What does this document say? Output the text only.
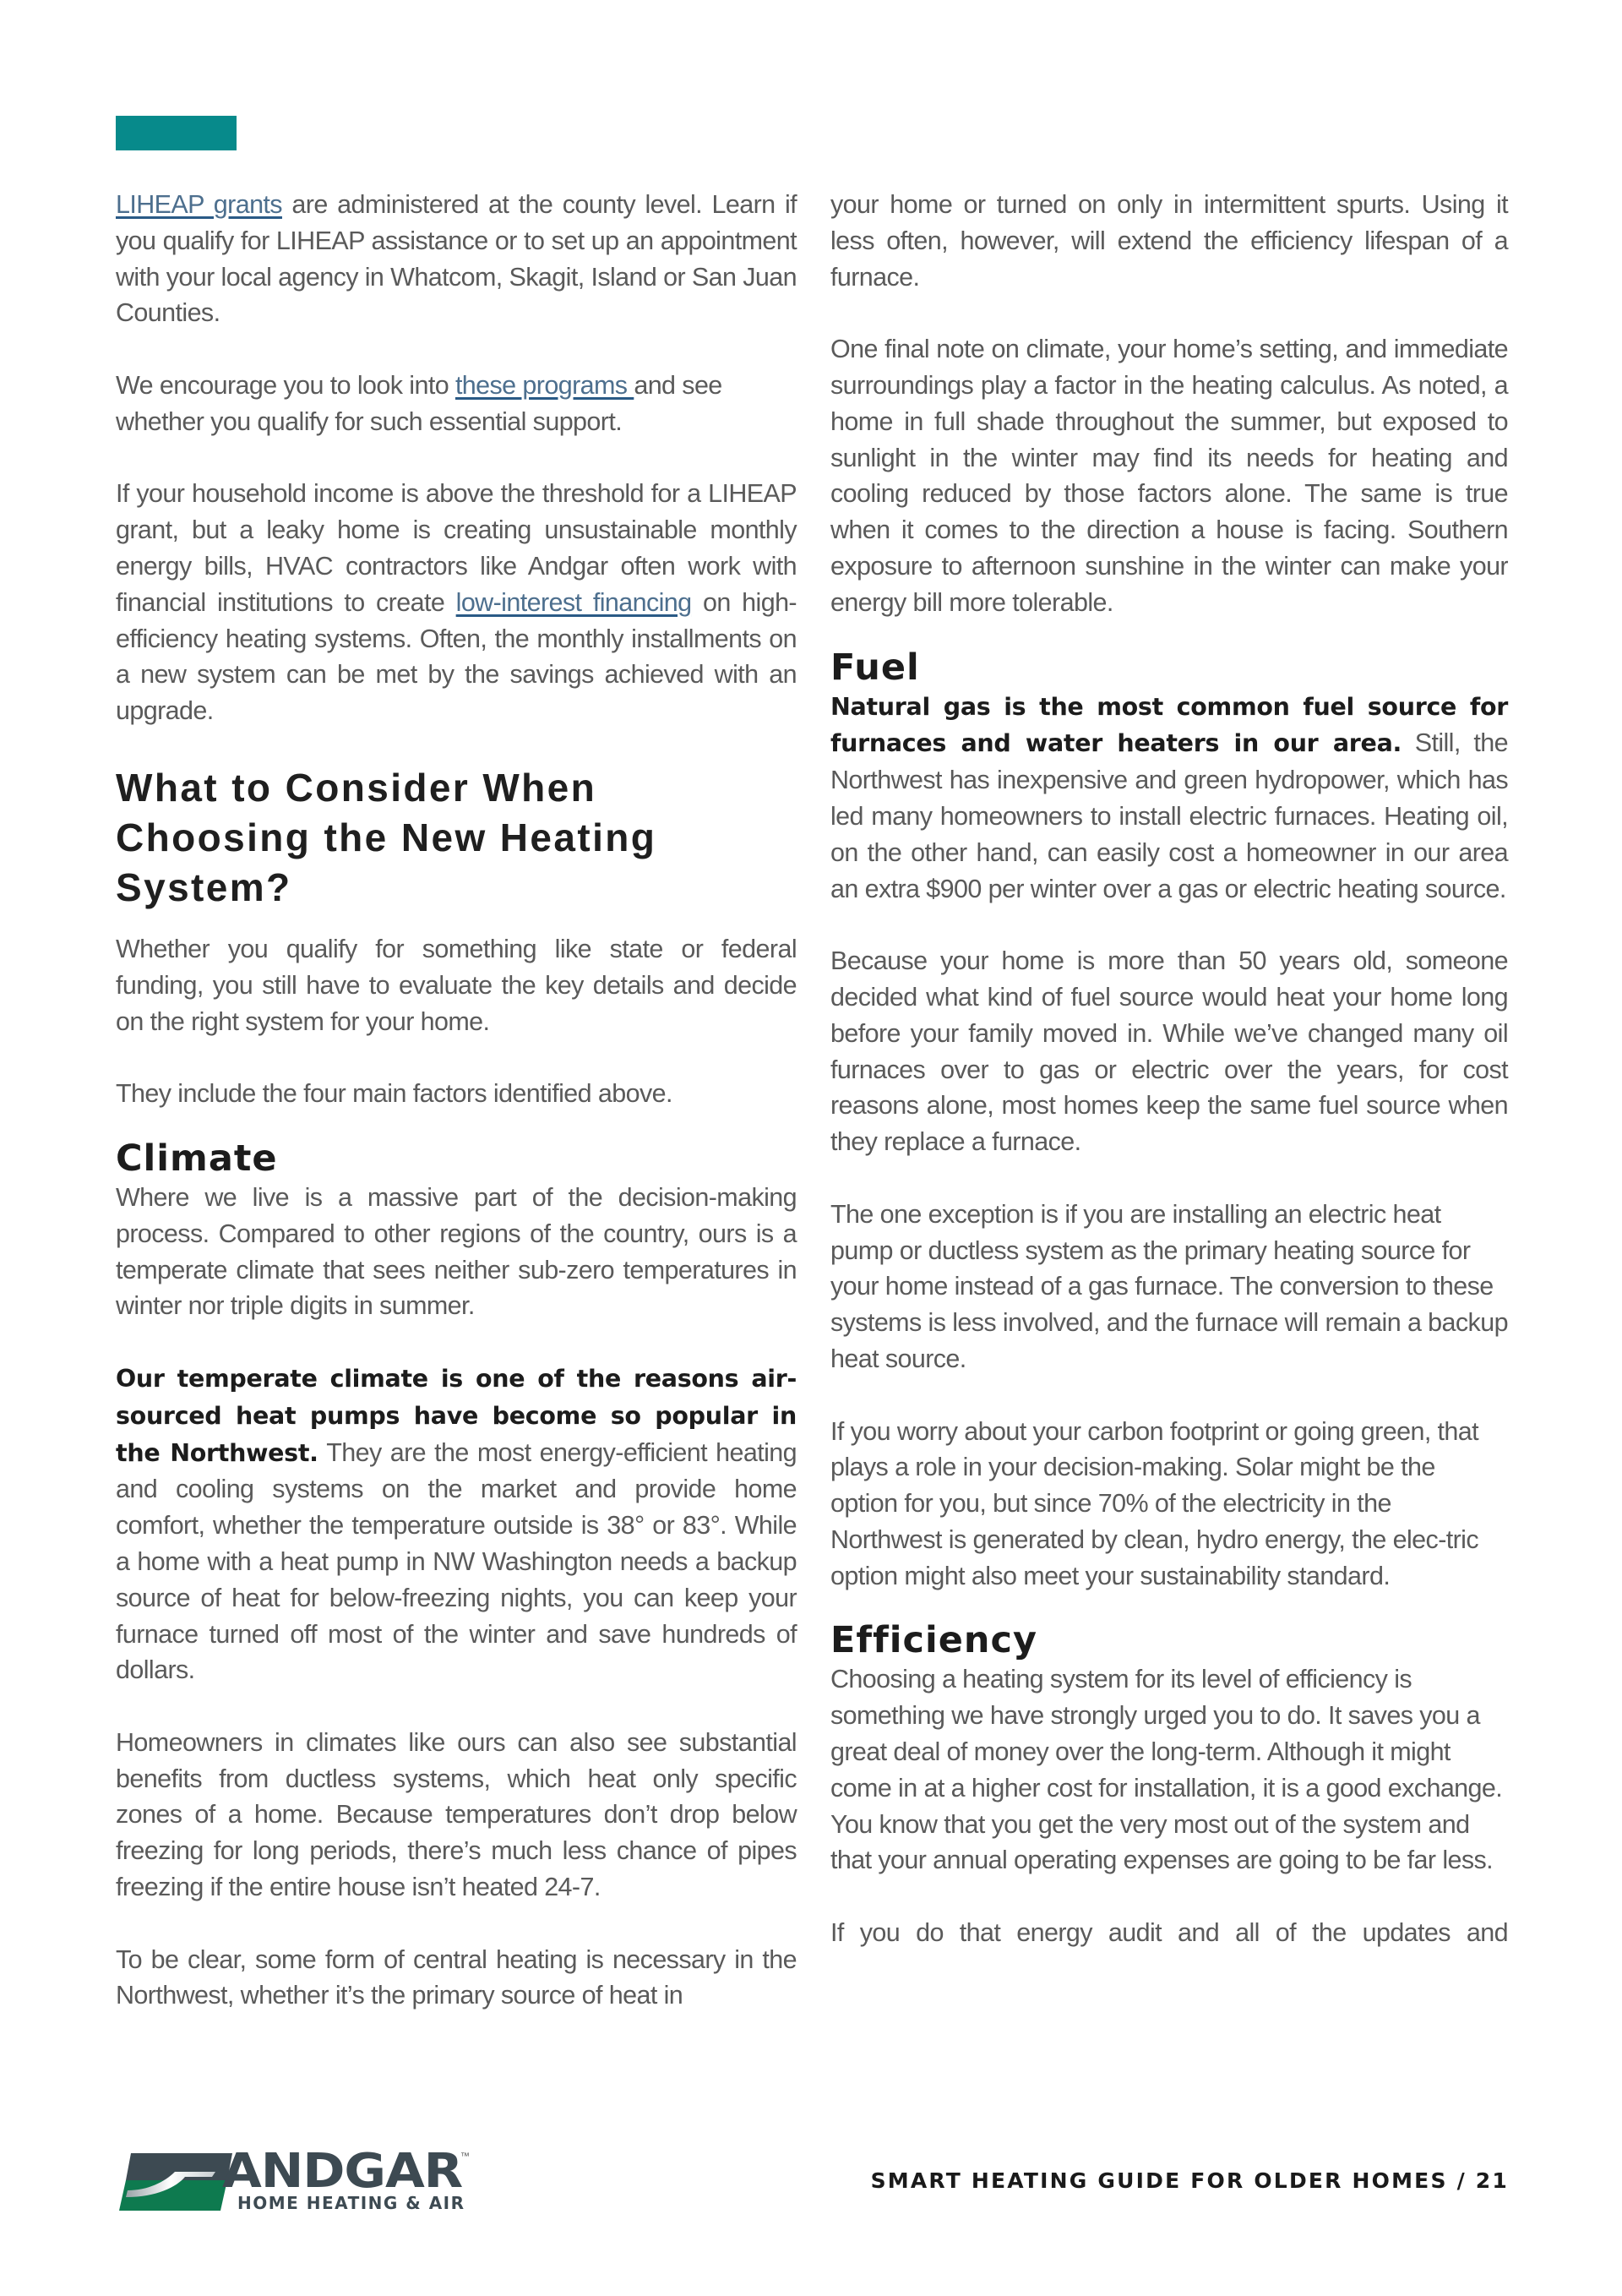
LIHEAP grants are administered at the county level. Learn if you qualify for LIHEAP assistance or to set up an appointment with your local agency in Whatcom, Skagit, Island or San Juan Counties.

We encourage you to look into these programs and see whether you qualify for such essential support.

If your household income is above the threshold for a LIHEAP grant, but a leaky home is creating unsustainable monthly energy bills, HVAC contractors like Andgar often work with financial institutions to create low-interest financing on high-efficiency heating systems. Often, the monthly installments on a new system can be met by the savings achieved with an upgrade.

What to Consider When Choosing the New Heating System?

Whether you qualify for something like state or federal funding, you still have to evaluate the key details and decide on the right system for your home.

They include the four main factors identified above.

Climate

Where we live is a massive part of the decision-making process. Compared to other regions of the country, ours is a temperate climate that sees neither sub-zero temperatures in winter nor triple digits in summer.

Our temperate climate is one of the reasons air-sourced heat pumps have become so popular in the Northwest. They are the most energy-efficient heating and cooling systems on the market and provide home comfort, whether the temperature outside is 38° or 83°. While a home with a heat pump in NW Washington needs a backup source of heat for below-freezing nights, you can keep your furnace turned off most of the winter and save hundreds of dollars.

Homeowners in climates like ours can also see substantial benefits from ductless systems, which heat only specific zones of a home. Because temperatures don’t drop below freezing for long periods, there’s much less chance of pipes freezing if the entire house isn’t heated 24-7.

To be clear, some form of central heating is necessary in the Northwest, whether it’s the primary source of heat in

your home or turned on only in intermittent spurts. Using it less often, however, will extend the efficiency lifespan of a furnace.

One final note on climate, your home’s setting, and immediate surroundings play a factor in the heating calculus. As noted, a home in full shade throughout the summer, but exposed to sunlight in the winter may find its needs for heating and cooling reduced by those factors alone. The same is true when it comes to the direction a house is facing. Southern exposure to afternoon sunshine in the winter can make your energy bill more tolerable.

Fuel

Natural gas is the most common fuel source for furnaces and water heaters in our area. Still, the Northwest has inexpensive and green hydropower, which has led many homeowners to install electric furnaces. Heating oil, on the other hand, can easily cost a homeowner in our area an extra $900 per winter over a gas or electric heating source.

Because your home is more than 50 years old, someone decided what kind of fuel source would heat your home long before your family moved in. While we’ve changed many oil furnaces over to gas or electric over the years, for cost reasons alone, most homes keep the same fuel source when they replace a furnace.

The one exception is if you are installing an electric heat pump or ductless system as the primary heating source for your home instead of a gas furnace. The conversion to these systems is less involved, and the furnace will remain a backup heat source.

If you worry about your carbon footprint or going green, that plays a role in your decision-making. Solar might be the option for you, but since 70% of the electricity in the Northwest is generated by clean, hydro energy, the elec-tric option might also meet your sustainability standard.

Efficiency

Choosing a heating system for its level of efficiency is something we have strongly urged you to do. It saves you a great deal of money over the long-term. Although it might come in at a higher cost for installation, it is a good exchange. You know that you get the very most out of the system and that your annual operating expenses are going to be far less.

If you do that energy audit and all of the updates and

ANDGAR
™
HOME HEATING & AIR
SMART HEATING GUIDE FOR OLDER HOMES / 21
